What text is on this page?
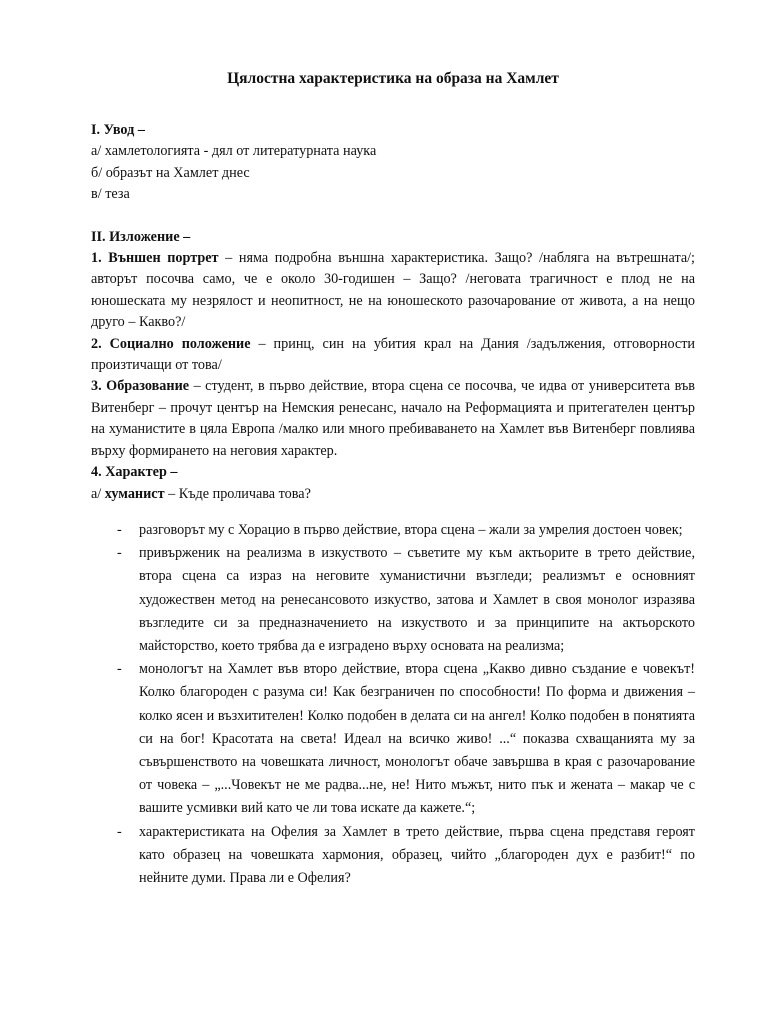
Цялостна характеристика на образа на Хамлет

I. Увод –

а/ хамлетологията - дял от литературната наука

б/ образът на Хамлет днес

в/ теза

II. Изложение –

1. Външен портрет – няма подробна външна характеристика. Защо? /набляга на вътрешната/; авторът посочва само, че е около 30-годишен – Защо? /неговата трагичност е плод не на юношеската му незрялост и неопитност, не на юношеското разочарование от живота, а на нещо друго – Какво?/

2. Социално положение – принц, син на убития крал на Дания /задължения, отговорности произтичащи от това/

3. Образование – студент, в първо действие, втора сцена се посочва, че идва от университета във Витенберг – прочут център на Немския ренесанс, начало на Реформацията и притегателен център на хуманистите в цяла Европа /малко или много пребиваването на Хамлет във Витенберг повлиява върху формирането на неговия характер.

4. Характер –

а/ хуманист – Къде проличава това?

- разговорът му с Хорацио в първо действие, втора сцена – жали за умрелия достоен човек;
- привърженик на реализма в изкуството – съветите му към актьорите в трето действие, втора сцена са израз на неговите хуманистични възгледи; реализмът е основният художествен метод на ренесансовото изкуство, затова и Хамлет в своя монолог изразява възгледите си за предназначението на изкуството и за принципите на актьорското майсторство, което трябва да е изградено върху основата на реализма;
- монологът на Хамлет във второ действие, втора сцена „Какво дивно създание е човекът! Колко благороден с разума си! Как безграничен по способности! По форма и движения – колко ясен и възхитителен! Колко подобен в делата си на ангел! Колко подобен в понятията си на бог! Красотата на света! Идеал на всичко живо! ...“ показва схващанията му за съвършенството на човешката личност, монологът обаче завършва в края с разочарование от човека – „...Човекът не ме радва...не, не! Нито мъжът, нито пък и жената – макар че с вашите усмивки вий като че ли това искате да кажете.“;
- характеристиката на Офелия за Хамлет в трето действие, първа сцена представя героят като образец на човешката хармония, образец, чийто „благороден дух е разбит!“ по нейните думи. Права ли е Офелия?
